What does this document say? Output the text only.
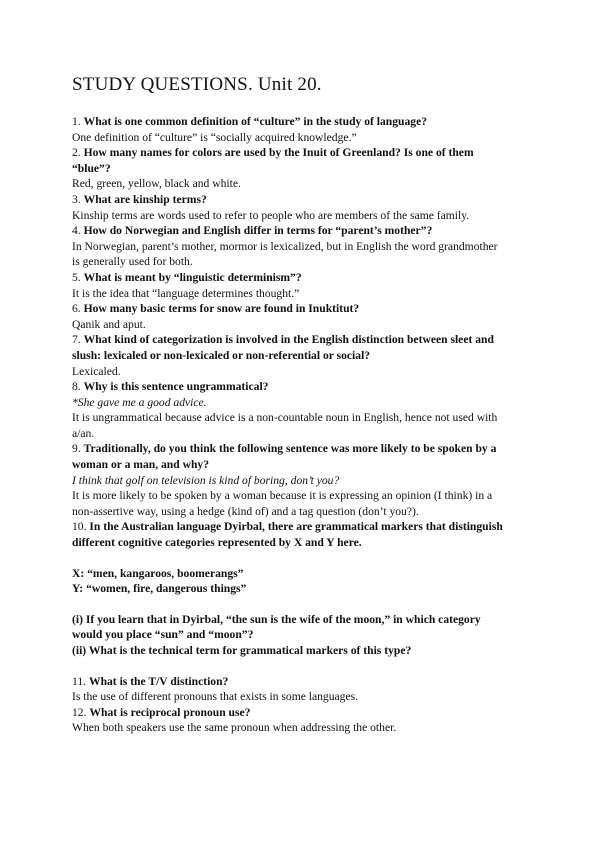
STUDY QUESTIONS. Unit 20.
1. What is one common definition of “culture” in the study of language?
One definition of “culture” is “socially acquired knowledge.”
2. How many names for colors are used by the Inuit of Greenland? Is one of them
“blue”?
Red, green, yellow, black and white.
3. What are kinship terms?
Kinship terms are words used to refer to people who are members of the same family.
4. How do Norwegian and English differ in terms for “parent’s mother”?
In Norwegian, parent’s mother, mormor is lexicalized, but in English the word grandmother
is generally used for both.
5. What is meant by “linguistic determinism”?
It is the idea that “language determines thought.”
6. How many basic terms for snow are found in Inuktitut?
Qanik and aput.
7. What kind of categorization is involved in the English distinction between sleet and
slush: lexicaled or non-lexicaled or non-referential or social?
Lexicaled.
8. Why is this sentence ungrammatical?
*She gave me a good advice.
It is ungrammatical because advice is a non-countable noun in English, hence not used with
a/an.
9. Traditionally, do you think the following sentence was more likely to be spoken by a
woman or a man, and why?
I think that golf on television is kind of boring, don’t you?
It is more likely to be spoken by a woman because it is expressing an opinion (I think) in a
non-assertive way, using a hedge (kind of) and a tag question (don’t you?).
10. In the Australian language Dyirbal, there are grammatical markers that distinguish
different cognitive categories represented by X and Y here.
X: “men, kangaroos, boomerangs”
Y: “women, fire, dangerous things”
(i) If you learn that in Dyirbal, “the sun is the wife of the moon,” in which category
would you place “sun” and “moon”?
(ii) What is the technical term for grammatical markers of this type?
11. What is the T/V distinction?
Is the use of different pronouns that exists in some languages.
12. What is reciprocal pronoun use?
When both speakers use the same pronoun when addressing the other.
